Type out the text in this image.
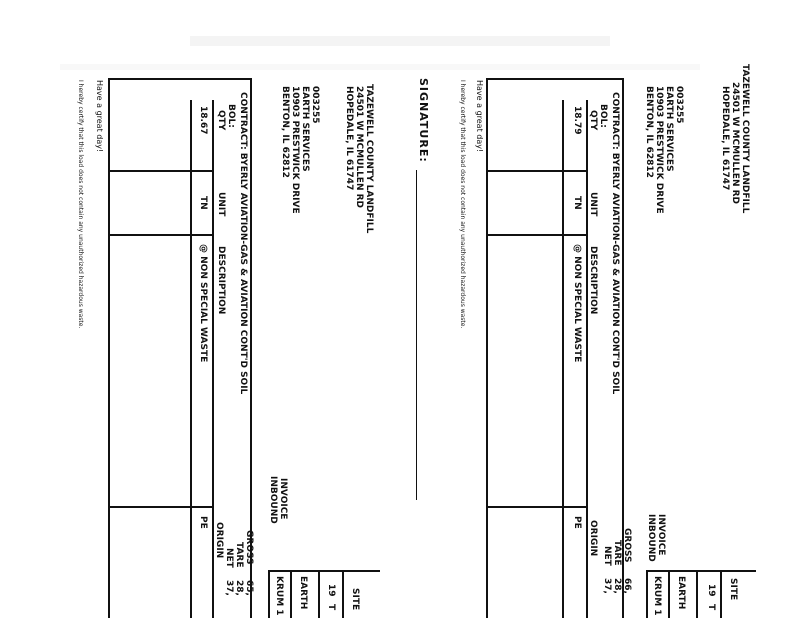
TAZEWELL COUNTY LANDFILL
24501 W MCMULLEN RD
HOPEDALE, IL 61747
003255
EARTH SERVICES
10903 PRESTWICK DRIVE
BENTON, IL 62812
CONTRACT: BYERLY AVIATION-GAS & AVIATION CONT'D SOIL
BOL:
QTY
UNIT
DESCRIPTION
ORIGIN
18.79
TN
@ NON SPECIAL WASTE
PE
GROSS
TARE
NET
66,
28,
37,
INVOICE
INBOUND
KRUM 1 EARTH T
19 SITE
Have a great day!
I hereby certify that this load does not contain any unauthorized hazardous waste.
SIGNATURE:
TAZEWELL COUNTY LANDFILL
24501 W MCMULLEN RD
HOPEDALE, IL 61747
003255
EARTH SERVICES
10903 PRESTWICK DRIVE
BENTON, IL 62812
CONTRACT: BYERLY AVIATION-GAS & AVIATION CONT'D SOIL
BOL:
QTY
UNIT
DESCRIPTION
ORIGIN
18.67
TN
@ NON SPECIAL WASTE
PE
GROSS
TARE
NET
65,
28,
37,
INVOICE
INBOUND
KRUM 1 EARTH T
19 SITE
Have a great day!
I hereby certify that this load does not contain any unauthorized hazardous waste.
